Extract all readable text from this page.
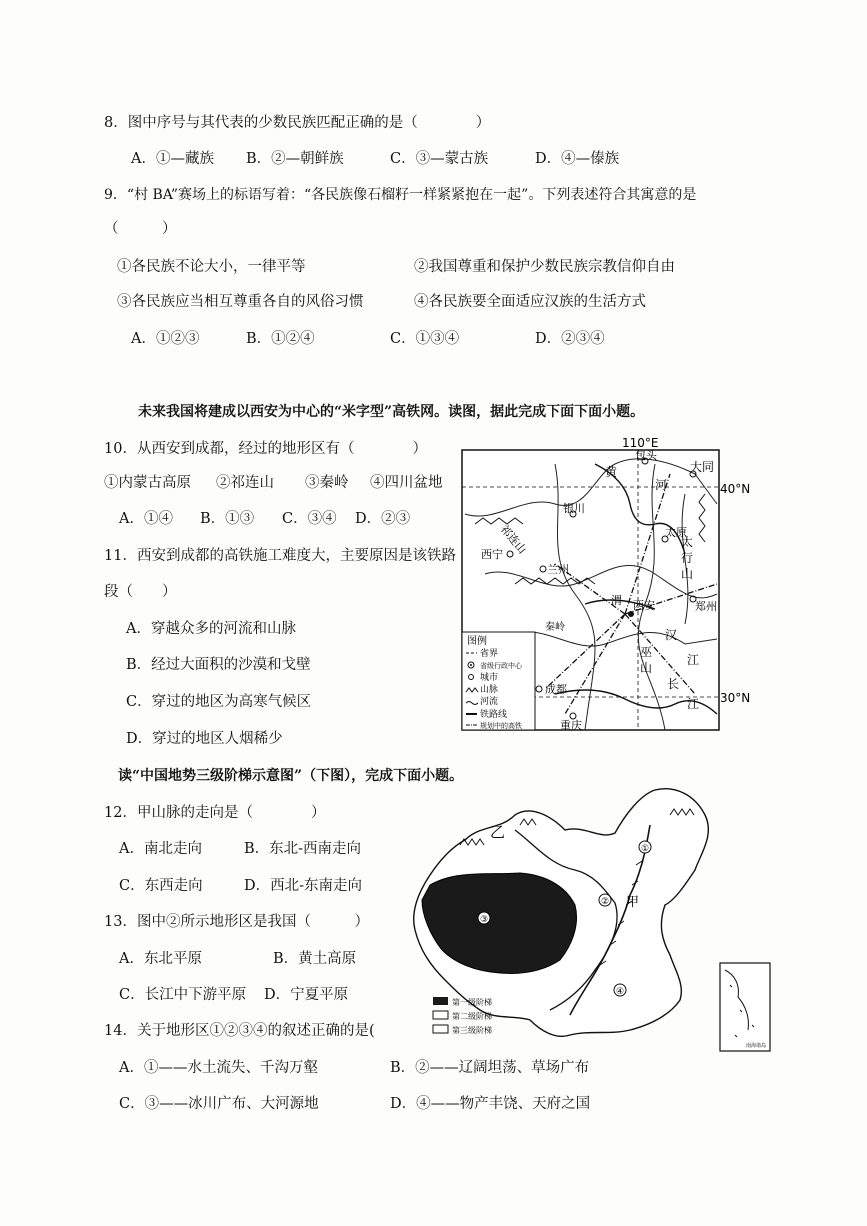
8．图中序号与其代表的少数民族匹配正确的是（　　　　）
A．①—藏族 B．②—朝鲜族	C．③—蒙古族	D．④—傣族
9．“村 BA”赛场上的标语写着：“各民族像石榴籽一样紧紧抱在一起”。下列表述符合其寓意的是
（　　　）
①各民族不论大小，一律平等	②我国尊重和保护少数民族宗教信仰自由
③各民族应当相互尊重各自的风俗习惯	④各民族要全面适应汉族的生活方式
A．①②③	B．①②④	C．①③④	D．②③④
未来我国将建成以西安为中心的“米字型”高铁网。读图，据此完成下面下面小题。
10．从西安到成都，经过的地形区有（　　　　）
①内蒙古高原 ②祁连山 ③秦岭 ④四川盆地
A．①④ B．①③ C．③④ D．②③
11．西安到成都的高铁施工难度大，主要原因是该铁路
段（　　）
A．穿越众多的河流和山脉
B．经过大面积的沙漠和戈壁
C．穿过的地区为高寒气候区
D．穿过的地区人烟稀少
110°E
40°N
30°N
包头
大同
银川
太原
西宁
兰州
郑州
西安
成都
重庆
黄
河
太
行
山
汉
江
巫
山
长
江
祁连山
渭
秦岭
图例
省界
省级行政中心
城市
山脉
河流
铁路线
规划中的高铁
读“中国地势三级阶梯示意图”（下图），完成下面小题。
12．甲山脉的走向是（　　　　）
A．南北走向	B．东北-西南走向
C．东西走向	D．西北-东南走向
13．图中②所示地形区是我国（　　　）
A．东北平原	B．黄土高原
C．长江中下游平原 D．宁夏平原
14．关于地形区①②③④的叙述正确的是(
A．①——水土流失、千沟万壑	B．②——辽阔坦荡、草场广布
C．③——冰川广布、大河源地	D．④——物产丰饶、天府之国
③
乙
甲
①
②
④
第一级阶梯
第二级阶梯
第三级阶梯
南海诸岛
